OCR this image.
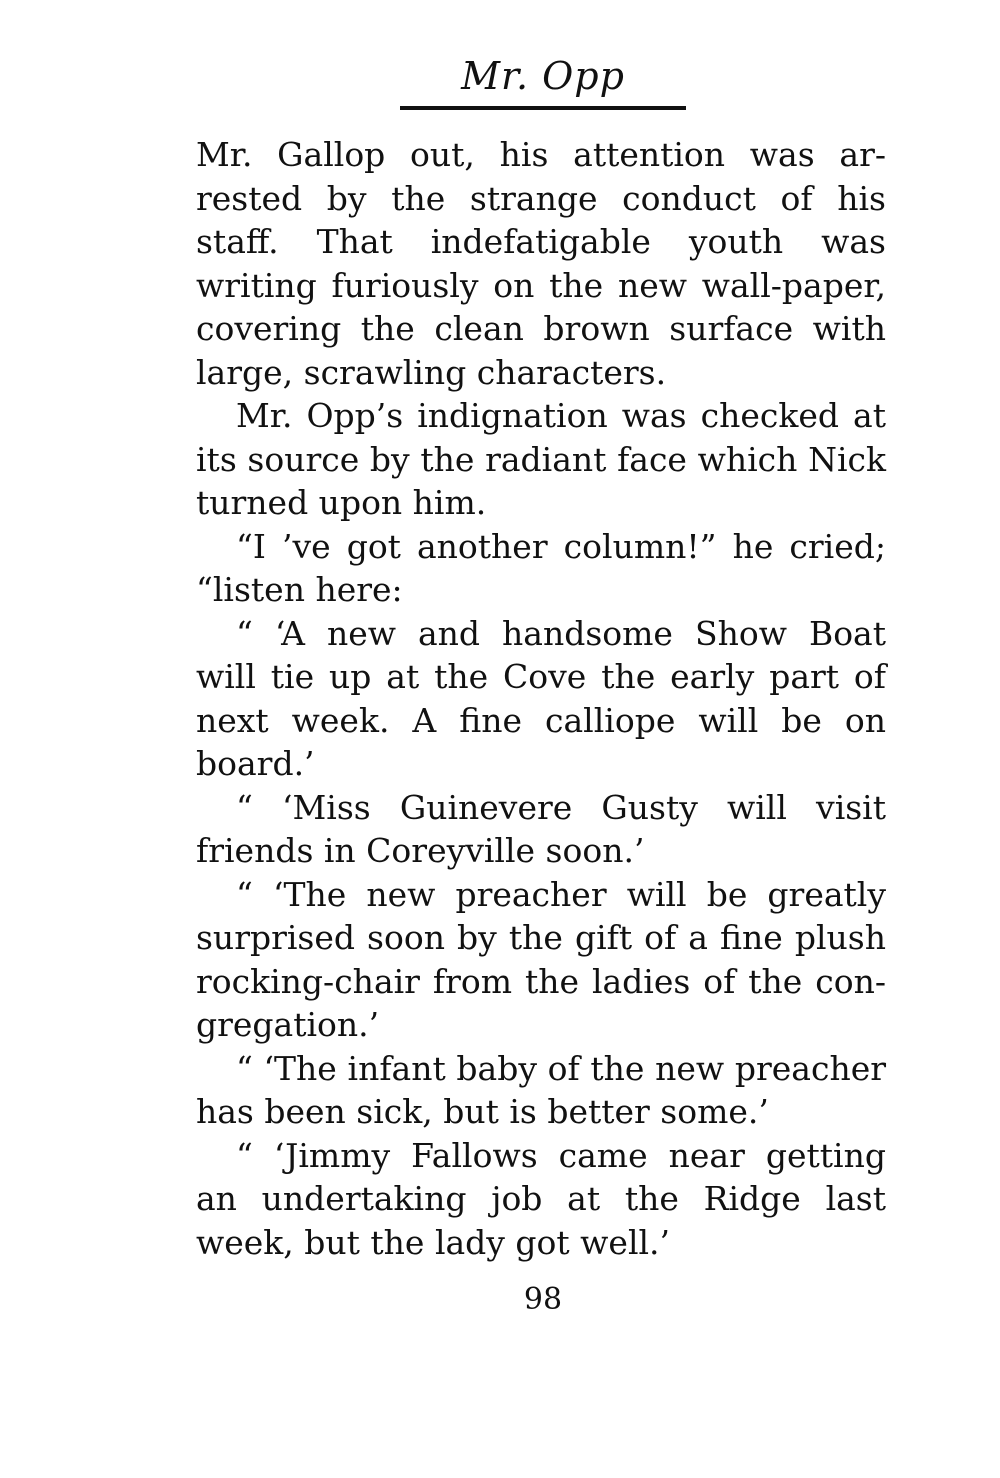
Mr. Opp
Mr. Gallop out, his attention was ar-
rested by the strange conduct of his
staff. That indefatigable youth was
writing furiously on the new wall-paper,
covering the clean brown surface with
large, scrawling characters.
Mr. Opp’s indignation was checked at
its source by the radiant face which Nick
turned upon him.
“I ’ve got another column!” he cried;
“listen here:
“ ‘A new and handsome Show Boat
will tie up at the Cove the early part of
next week. A fine calliope will be on
board.’
“ ‘Miss Guinevere Gusty will visit
friends in Coreyville soon.’
“ ‘The new preacher will be greatly
surprised soon by the gift of a fine plush
rocking-chair from the ladies of the con-
gregation.’
“ ‘The infant baby of the new preacher
has been sick, but is better some.’
“ ‘Jimmy Fallows came near getting
an undertaking job at the Ridge last
week, but the lady got well.’
98
